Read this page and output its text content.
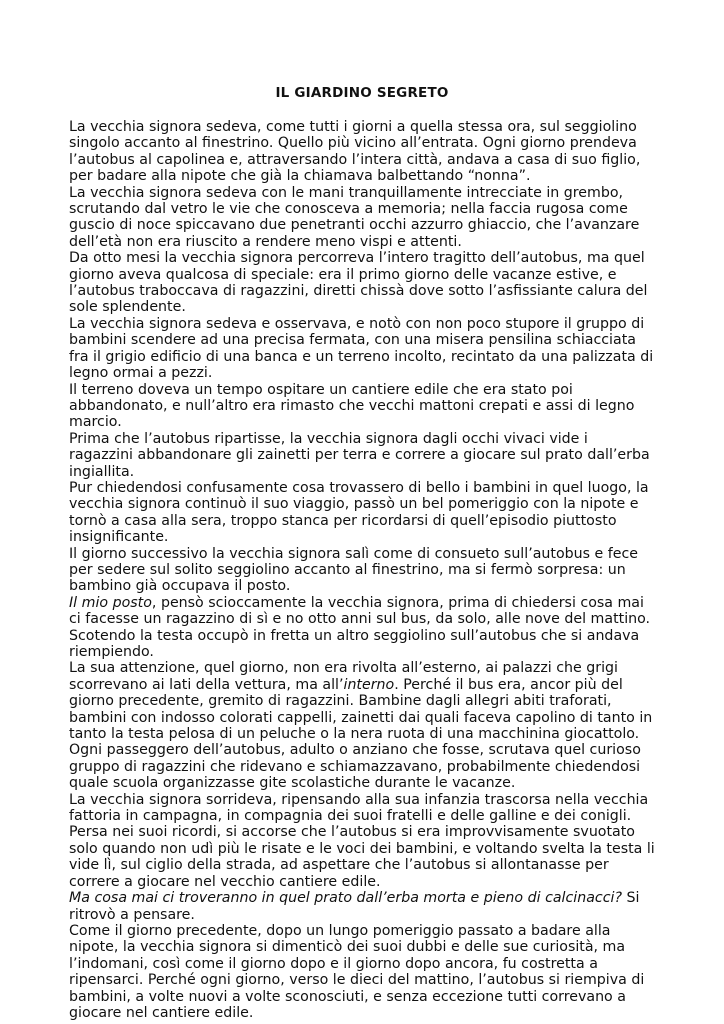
IL GIARDINO SEGRETO

La vecchia signora sedeva, come tutti i giorni a quella stessa ora, sul seggiolino singolo accanto al finestrino. Quello più vicino all’entrata. Ogni giorno prendeva l’autobus al capolinea e, attraversando l’intera città, andava a casa di suo figlio, per badare alla nipote che già la chiamava balbettando “nonna”.

La vecchia signora sedeva con le mani tranquillamente intrecciate in grembo, scrutando dal vetro le vie che conosceva a memoria; nella faccia rugosa come guscio di noce spiccavano due penetranti occhi azzurro ghiaccio, che l’avanzare dell’età non era riuscito a rendere meno vispi e attenti.

Da otto mesi la vecchia signora percorreva l’intero tragitto dell’autobus, ma quel giorno aveva qualcosa di speciale: era il primo giorno delle vacanze estive, e l’autobus traboccava di ragazzini, diretti chissà dove sotto l’asfissiante calura del sole splendente.

La vecchia signora sedeva e osservava, e notò con non poco stupore il gruppo di bambini scendere ad una precisa fermata, con una misera pensilina schiacciata fra il grigio edificio di una banca e un terreno incolto, recintato da una palizzata di legno ormai a pezzi.

Il terreno doveva un tempo ospitare un cantiere edile che era stato poi abbandonato, e null’altro era rimasto che vecchi mattoni crepati e assi di legno marcio.

Prima che l’autobus ripartisse, la vecchia signora dagli occhi vivaci vide i ragazzini abbandonare gli zainetti per terra e correre a giocare sul prato dall’erba ingiallita.

Pur chiedendosi confusamente cosa trovassero di bello i bambini in quel luogo, la vecchia signora continuò il suo viaggio, passò un bel pomeriggio con la nipote e tornò a casa alla sera, troppo stanca per ricordarsi di quell’episodio piuttosto insignificante.

Il giorno successivo la vecchia signora salì come di consueto sull’autobus e fece per sedere sul solito seggiolino accanto al finestrino, ma si fermò sorpresa: un bambino già occupava il posto.

Il mio posto, pensò scioccamente la vecchia signora, prima di chiedersi cosa mai ci facesse un ragazzino di sì e no otto anni sul bus, da solo, alle nove del mattino. Scotendo la testa occupò in fretta un altro seggiolino sull’autobus che si andava riempiendo.

La sua attenzione, quel giorno, non era rivolta all’esterno, ai palazzi che grigi scorrevano ai lati della vettura, ma all’interno. Perché il bus era, ancor più del giorno precedente, gremito di ragazzini. Bambine dagli allegri abiti traforati, bambini con indosso colorati cappelli, zainetti dai quali faceva capolino di tanto in tanto la testa pelosa di un peluche o la nera ruota di una macchinina giocattolo.

Ogni passeggero dell’autobus, adulto o anziano che fosse, scrutava quel curioso gruppo di ragazzini che ridevano e schiamazzavano, probabilmente chiedendosi quale scuola organizzasse gite scolastiche durante le vacanze.

La vecchia signora sorrideva, ripensando alla sua infanzia trascorsa nella vecchia fattoria in campagna, in compagnia dei suoi fratelli e delle galline e dei conigli.

Persa nei suoi ricordi, si accorse che l’autobus si era improvvisamente svuotato solo quando non udì più le risate e le voci dei bambini, e voltando svelta la testa li vide lì, sul ciglio della strada, ad aspettare che l’autobus si allontanasse per correre a giocare nel vecchio cantiere edile.

Ma cosa mai ci troveranno in quel prato dall’erba morta e pieno di calcinacci? Si ritrovò a pensare.

Come il giorno precedente, dopo un lungo pomeriggio passato a badare alla nipote, la vecchia signora si dimenticò dei suoi dubbi e delle sue curiosità, ma l’indomani, così come il giorno dopo e il giorno dopo ancora, fu costretta a ripensarci. Perché ogni giorno, verso le dieci del mattino, l’autobus si riempiva di bambini, a volte nuovi a volte sconosciuti, e senza eccezione tutti correvano a giocare nel cantiere edile.
